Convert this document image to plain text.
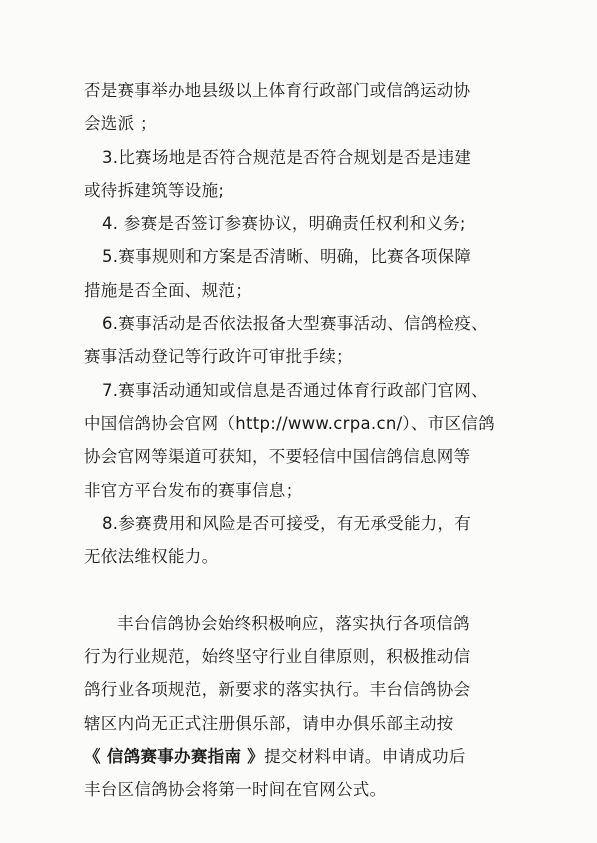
否是赛事举办地县级以上体育行政部门或信鸽运动协
会选派 ；
3.比赛场地是否符合规范是否符合规划是否是违建
或待拆建筑等设施;
4. 参赛是否签订参赛协议，明确责任权利和义务;
5.赛事规则和方案是否清晰、明确，比赛各项保障
措施是否全面、规范；
6.赛事活动是否依法报备大型赛事活动、信鸽检疫、
赛事活动登记等行政许可审批手续；
7.赛事活动通知或信息是否通过体育行政部门官网、
中国信鸽协会官网（http://www.crpa.cn/）、市区信鸽
协会官网等渠道可获知，不要轻信中国信鸽信息网等
非官方平台发布的赛事信息；
8.参赛费用和风险是否可接受，有无承受能力，有
无依法维权能力。
丰台信鸽协会始终积极响应，落实执行各项信鸽
行为行业规范，始终坚守行业自律原则，积极推动信
鸽行业各项规范，新要求的落实执行。丰台信鸽协会
辖区内尚无正式注册俱乐部，请申办俱乐部主动按
《 信鸽赛事办赛指南 》提交材料申请。申请成功后
丰台区信鸽协会将第一时间在官网公式。
